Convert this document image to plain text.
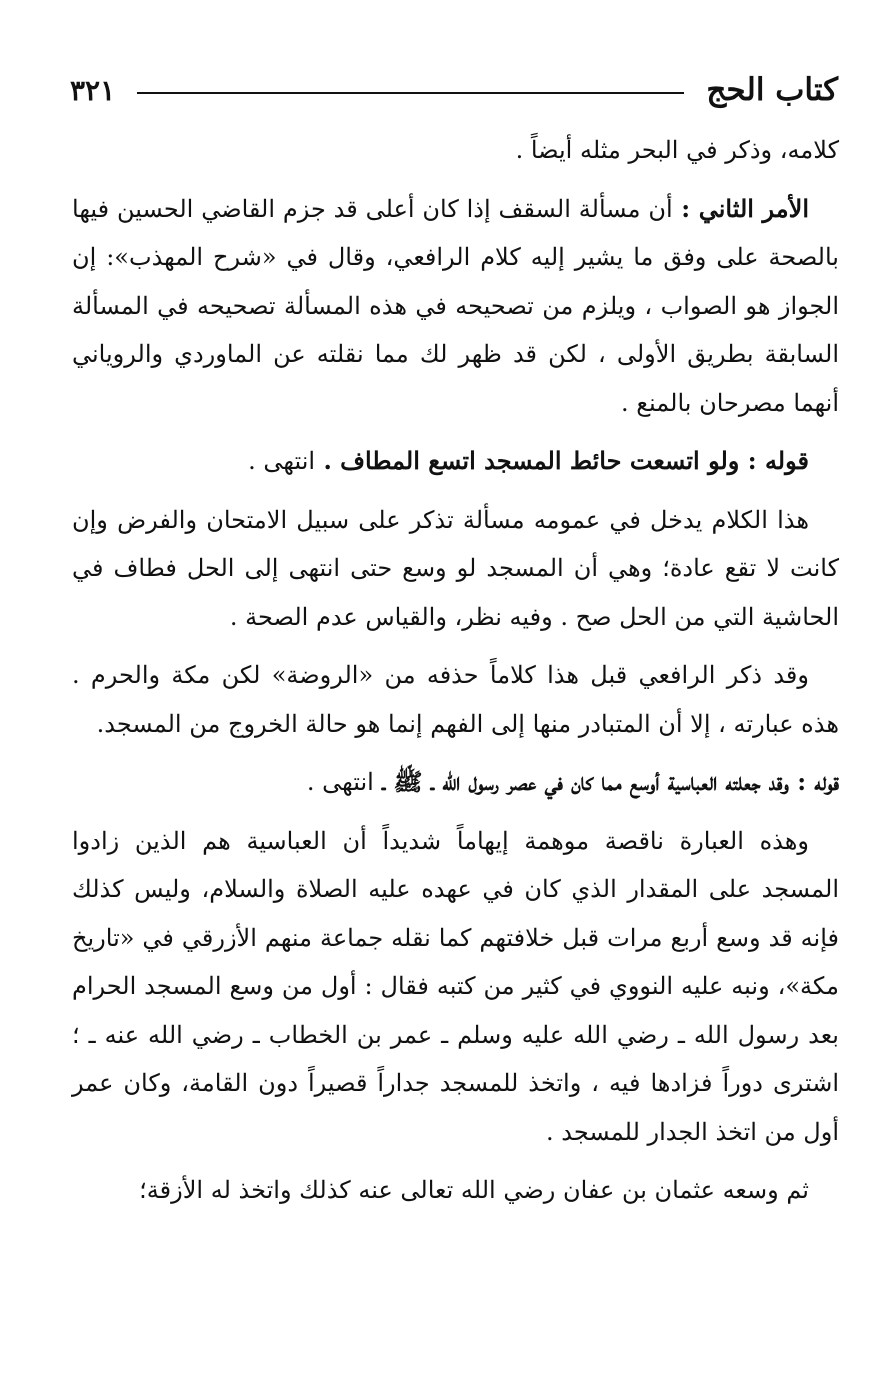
كتاب الحج
٣٢١

كلامه، وذكر في البحر مثله أيضاً .

الأمر الثاني : أن مسألة السقف إذا كان أعلى قد جزم القاضي الحسين فيها بالصحة على وفق ما يشير إليه كلام الرافعي، وقال في «شرح المهذب»: إن الجواز هو الصواب ، ويلزم من تصحيحه في هذه المسألة تصحيحه في المسألة السابقة بطريق الأولى ، لكن قد ظهر لك مما نقلته عن الماوردي والروياني أنهما مصرحان بالمنع .

قوله : ولو اتسعت حائط المسجد اتسع المطاف . انتهى .

هذا الكلام يدخل في عمومه مسألة تذكر على سبيل الامتحان والفرض وإن كانت لا تقع عادة؛ وهي أن المسجد لو وسع حتى انتهى إلى الحل فطاف في الحاشية التي من الحل صح . وفيه نظر، والقياس عدم الصحة .

وقد ذكر الرافعي قبل هذا كلاماً حذفه من «الروضة» لكن مكة والحرم . هذه عبارته ، إلا أن المتبادر منها إلى الفهم إنما هو حالة الخروج من المسجد.

قوله : وقد جعلته العباسية أوسع مما كان في عصر رسول الله ـ ﷺ ـ انتهى .

وهذه العبارة ناقصة موهمة إيهاماً شديداً أن العباسية هم الذين زادوا المسجد على المقدار الذي كان في عهده عليه الصلاة والسلام، وليس كذلك فإنه قد وسع أربع مرات قبل خلافتهم كما نقله جماعة منهم الأزرقي في «تاريخ مكة»، ونبه عليه النووي في كثير من كتبه فقال : أول من وسع المسجد الحرام بعد رسول الله ـ رضي الله عليه وسلم ـ عمر بن الخطاب ـ رضي الله عنه ـ ؛ اشترى دوراً فزادها فيه ، واتخذ للمسجد جداراً قصيراً دون القامة، وكان عمر أول من اتخذ الجدار للمسجد .

ثم وسعه عثمان بن عفان رضي الله تعالى عنه كذلك واتخذ له الأزقة؛
